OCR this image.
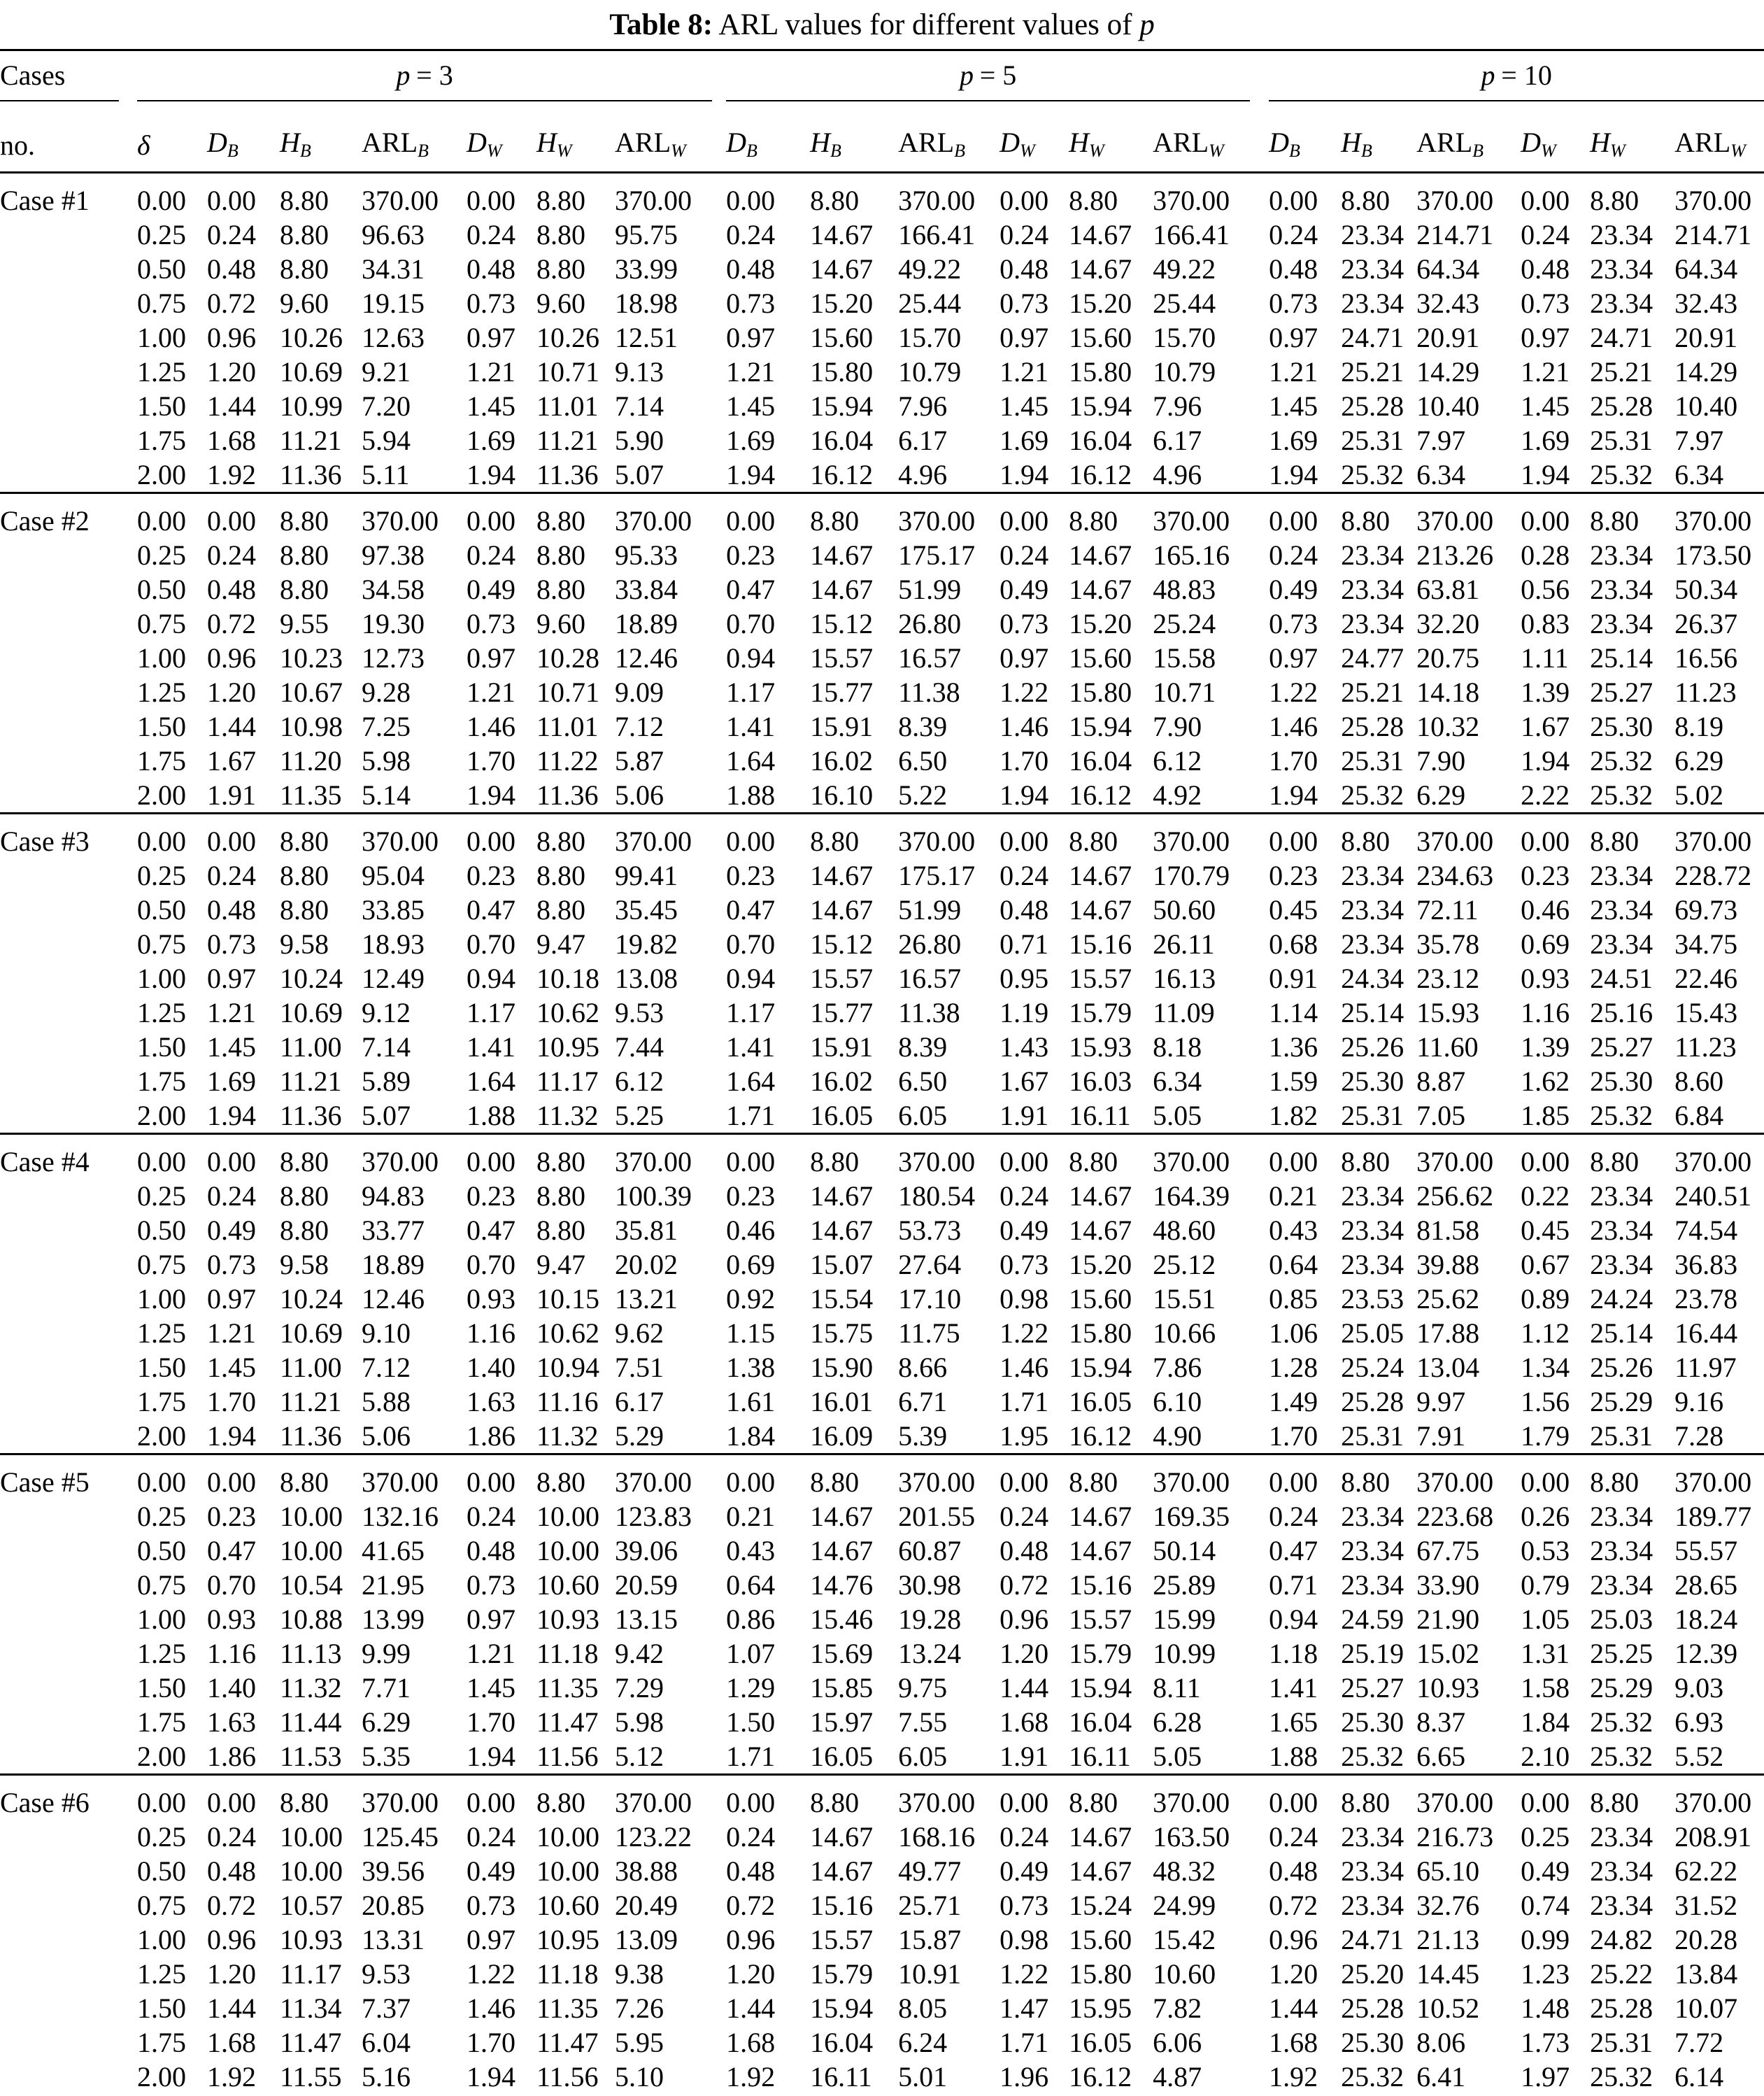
Table 8: ARL values for different values of p
Cases	p = 3							p = 5						p = 10					

no.	δ	DB	HB	ARLB	DW	HW	ARLW	DB	HB	ARLB	DW	HW	ARLW	DB	HB	ARLB	DW	HW	ARLW
Case #1	0.00	0.00	8.80	370.00	0.00	8.80	370.00	0.00	8.80	370.00	0.00	8.80	370.00	0.00	8.80	370.00	0.00	8.80	370.00
	0.25	0.24	8.80	96.63	0.24	8.80	95.75	0.24	14.67	166.41	0.24	14.67	166.41	0.24	23.34	214.71	0.24	23.34	214.71
	0.50	0.48	8.80	34.31	0.48	8.80	33.99	0.48	14.67	49.22	0.48	14.67	49.22	0.48	23.34	64.34	0.48	23.34	64.34
	0.75	0.72	9.60	19.15	0.73	9.60	18.98	0.73	15.20	25.44	0.73	15.20	25.44	0.73	23.34	32.43	0.73	23.34	32.43
	1.00	0.96	10.26	12.63	0.97	10.26	12.51	0.97	15.60	15.70	0.97	15.60	15.70	0.97	24.71	20.91	0.97	24.71	20.91
	1.25	1.20	10.69	9.21	1.21	10.71	9.13	1.21	15.80	10.79	1.21	15.80	10.79	1.21	25.21	14.29	1.21	25.21	14.29
	1.50	1.44	10.99	7.20	1.45	11.01	7.14	1.45	15.94	7.96	1.45	15.94	7.96	1.45	25.28	10.40	1.45	25.28	10.40
	1.75	1.68	11.21	5.94	1.69	11.21	5.90	1.69	16.04	6.17	1.69	16.04	6.17	1.69	25.31	7.97	1.69	25.31	7.97
	2.00	1.92	11.36	5.11	1.94	11.36	5.07	1.94	16.12	4.96	1.94	16.12	4.96	1.94	25.32	6.34	1.94	25.32	6.34
Case #2	0.00	0.00	8.80	370.00	0.00	8.80	370.00	0.00	8.80	370.00	0.00	8.80	370.00	0.00	8.80	370.00	0.00	8.80	370.00
	0.25	0.24	8.80	97.38	0.24	8.80	95.33	0.23	14.67	175.17	0.24	14.67	165.16	0.24	23.34	213.26	0.28	23.34	173.50
	0.50	0.48	8.80	34.58	0.49	8.80	33.84	0.47	14.67	51.99	0.49	14.67	48.83	0.49	23.34	63.81	0.56	23.34	50.34
	0.75	0.72	9.55	19.30	0.73	9.60	18.89	0.70	15.12	26.80	0.73	15.20	25.24	0.73	23.34	32.20	0.83	23.34	26.37
	1.00	0.96	10.23	12.73	0.97	10.28	12.46	0.94	15.57	16.57	0.97	15.60	15.58	0.97	24.77	20.75	1.11	25.14	16.56
	1.25	1.20	10.67	9.28	1.21	10.71	9.09	1.17	15.77	11.38	1.22	15.80	10.71	1.22	25.21	14.18	1.39	25.27	11.23
	1.50	1.44	10.98	7.25	1.46	11.01	7.12	1.41	15.91	8.39	1.46	15.94	7.90	1.46	25.28	10.32	1.67	25.30	8.19
	1.75	1.67	11.20	5.98	1.70	11.22	5.87	1.64	16.02	6.50	1.70	16.04	6.12	1.70	25.31	7.90	1.94	25.32	6.29
	2.00	1.91	11.35	5.14	1.94	11.36	5.06	1.88	16.10	5.22	1.94	16.12	4.92	1.94	25.32	6.29	2.22	25.32	5.02
Case #3	0.00	0.00	8.80	370.00	0.00	8.80	370.00	0.00	8.80	370.00	0.00	8.80	370.00	0.00	8.80	370.00	0.00	8.80	370.00
	0.25	0.24	8.80	95.04	0.23	8.80	99.41	0.23	14.67	175.17	0.24	14.67	170.79	0.23	23.34	234.63	0.23	23.34	228.72
	0.50	0.48	8.80	33.85	0.47	8.80	35.45	0.47	14.67	51.99	0.48	14.67	50.60	0.45	23.34	72.11	0.46	23.34	69.73
	0.75	0.73	9.58	18.93	0.70	9.47	19.82	0.70	15.12	26.80	0.71	15.16	26.11	0.68	23.34	35.78	0.69	23.34	34.75
	1.00	0.97	10.24	12.49	0.94	10.18	13.08	0.94	15.57	16.57	0.95	15.57	16.13	0.91	24.34	23.12	0.93	24.51	22.46
	1.25	1.21	10.69	9.12	1.17	10.62	9.53	1.17	15.77	11.38	1.19	15.79	11.09	1.14	25.14	15.93	1.16	25.16	15.43
	1.50	1.45	11.00	7.14	1.41	10.95	7.44	1.41	15.91	8.39	1.43	15.93	8.18	1.36	25.26	11.60	1.39	25.27	11.23
	1.75	1.69	11.21	5.89	1.64	11.17	6.12	1.64	16.02	6.50	1.67	16.03	6.34	1.59	25.30	8.87	1.62	25.30	8.60
	2.00	1.94	11.36	5.07	1.88	11.32	5.25	1.71	16.05	6.05	1.91	16.11	5.05	1.82	25.31	7.05	1.85	25.32	6.84
Case #4	0.00	0.00	8.80	370.00	0.00	8.80	370.00	0.00	8.80	370.00	0.00	8.80	370.00	0.00	8.80	370.00	0.00	8.80	370.00
	0.25	0.24	8.80	94.83	0.23	8.80	100.39	0.23	14.67	180.54	0.24	14.67	164.39	0.21	23.34	256.62	0.22	23.34	240.51
	0.50	0.49	8.80	33.77	0.47	8.80	35.81	0.46	14.67	53.73	0.49	14.67	48.60	0.43	23.34	81.58	0.45	23.34	74.54
	0.75	0.73	9.58	18.89	0.70	9.47	20.02	0.69	15.07	27.64	0.73	15.20	25.12	0.64	23.34	39.88	0.67	23.34	36.83
	1.00	0.97	10.24	12.46	0.93	10.15	13.21	0.92	15.54	17.10	0.98	15.60	15.51	0.85	23.53	25.62	0.89	24.24	23.78
	1.25	1.21	10.69	9.10	1.16	10.62	9.62	1.15	15.75	11.75	1.22	15.80	10.66	1.06	25.05	17.88	1.12	25.14	16.44
	1.50	1.45	11.00	7.12	1.40	10.94	7.51	1.38	15.90	8.66	1.46	15.94	7.86	1.28	25.24	13.04	1.34	25.26	11.97
	1.75	1.70	11.21	5.88	1.63	11.16	6.17	1.61	16.01	6.71	1.71	16.05	6.10	1.49	25.28	9.97	1.56	25.29	9.16
	2.00	1.94	11.36	5.06	1.86	11.32	5.29	1.84	16.09	5.39	1.95	16.12	4.90	1.70	25.31	7.91	1.79	25.31	7.28
Case #5	0.00	0.00	8.80	370.00	0.00	8.80	370.00	0.00	8.80	370.00	0.00	8.80	370.00	0.00	8.80	370.00	0.00	8.80	370.00
	0.25	0.23	10.00	132.16	0.24	10.00	123.83	0.21	14.67	201.55	0.24	14.67	169.35	0.24	23.34	223.68	0.26	23.34	189.77
	0.50	0.47	10.00	41.65	0.48	10.00	39.06	0.43	14.67	60.87	0.48	14.67	50.14	0.47	23.34	67.75	0.53	23.34	55.57
	0.75	0.70	10.54	21.95	0.73	10.60	20.59	0.64	14.76	30.98	0.72	15.16	25.89	0.71	23.34	33.90	0.79	23.34	28.65
	1.00	0.93	10.88	13.99	0.97	10.93	13.15	0.86	15.46	19.28	0.96	15.57	15.99	0.94	24.59	21.90	1.05	25.03	18.24
	1.25	1.16	11.13	9.99	1.21	11.18	9.42	1.07	15.69	13.24	1.20	15.79	10.99	1.18	25.19	15.02	1.31	25.25	12.39
	1.50	1.40	11.32	7.71	1.45	11.35	7.29	1.29	15.85	9.75	1.44	15.94	8.11	1.41	25.27	10.93	1.58	25.29	9.03
	1.75	1.63	11.44	6.29	1.70	11.47	5.98	1.50	15.97	7.55	1.68	16.04	6.28	1.65	25.30	8.37	1.84	25.32	6.93
	2.00	1.86	11.53	5.35	1.94	11.56	5.12	1.71	16.05	6.05	1.91	16.11	5.05	1.88	25.32	6.65	2.10	25.32	5.52
Case #6	0.00	0.00	8.80	370.00	0.00	8.80	370.00	0.00	8.80	370.00	0.00	8.80	370.00	0.00	8.80	370.00	0.00	8.80	370.00
	0.25	0.24	10.00	125.45	0.24	10.00	123.22	0.24	14.67	168.16	0.24	14.67	163.50	0.24	23.34	216.73	0.25	23.34	208.91
	0.50	0.48	10.00	39.56	0.49	10.00	38.88	0.48	14.67	49.77	0.49	14.67	48.32	0.48	23.34	65.10	0.49	23.34	62.22
	0.75	0.72	10.57	20.85	0.73	10.60	20.49	0.72	15.16	25.71	0.73	15.24	24.99	0.72	23.34	32.76	0.74	23.34	31.52
	1.00	0.96	10.93	13.31	0.97	10.95	13.09	0.96	15.57	15.87	0.98	15.60	15.42	0.96	24.71	21.13	0.99	24.82	20.28
	1.25	1.20	11.17	9.53	1.22	11.18	9.38	1.20	15.79	10.91	1.22	15.80	10.60	1.20	25.20	14.45	1.23	25.22	13.84
	1.50	1.44	11.34	7.37	1.46	11.35	7.26	1.44	15.94	8.05	1.47	15.95	7.82	1.44	25.28	10.52	1.48	25.28	10.07
	1.75	1.68	11.47	6.04	1.70	11.47	5.95	1.68	16.04	6.24	1.71	16.05	6.06	1.68	25.30	8.06	1.73	25.31	7.72
	2.00	1.92	11.55	5.16	1.94	11.56	5.10	1.92	16.11	5.01	1.96	16.12	4.87	1.92	25.32	6.41	1.97	25.32	6.14
